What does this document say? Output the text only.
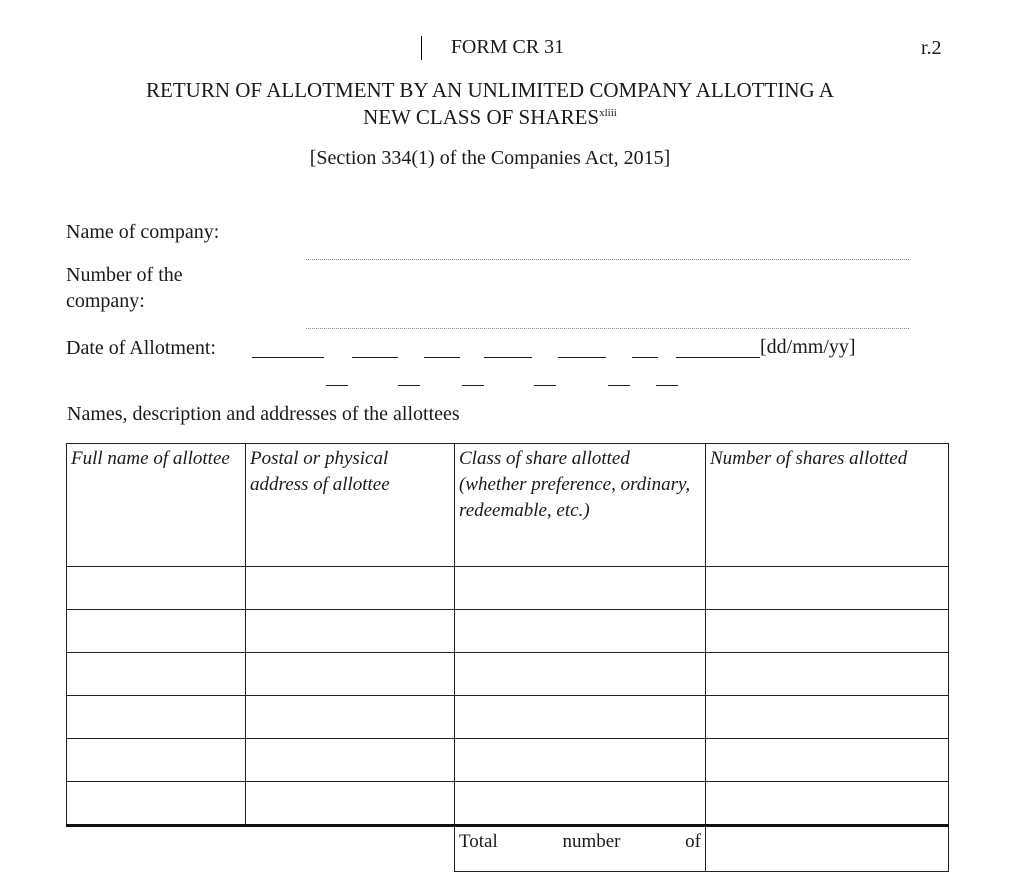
FORM CR 31	r.2
RETURN OF ALLOTMENT BY AN UNLIMITED COMPANY ALLOTTING A
NEW CLASS OF $SHARES^{xliii}$
[Section 334(1) of the Companies Act, 2015]
Name of company:
Number of the
company:
Date of Allotment:	[dd/mm/yy]
Names, description and addresses of the allottees
Full name of allottee	Postal or physical address of allottee	Class of share allotted (whether preference, ordinary, redeemable, etc.)	Number of shares allotted

		Total number of	
